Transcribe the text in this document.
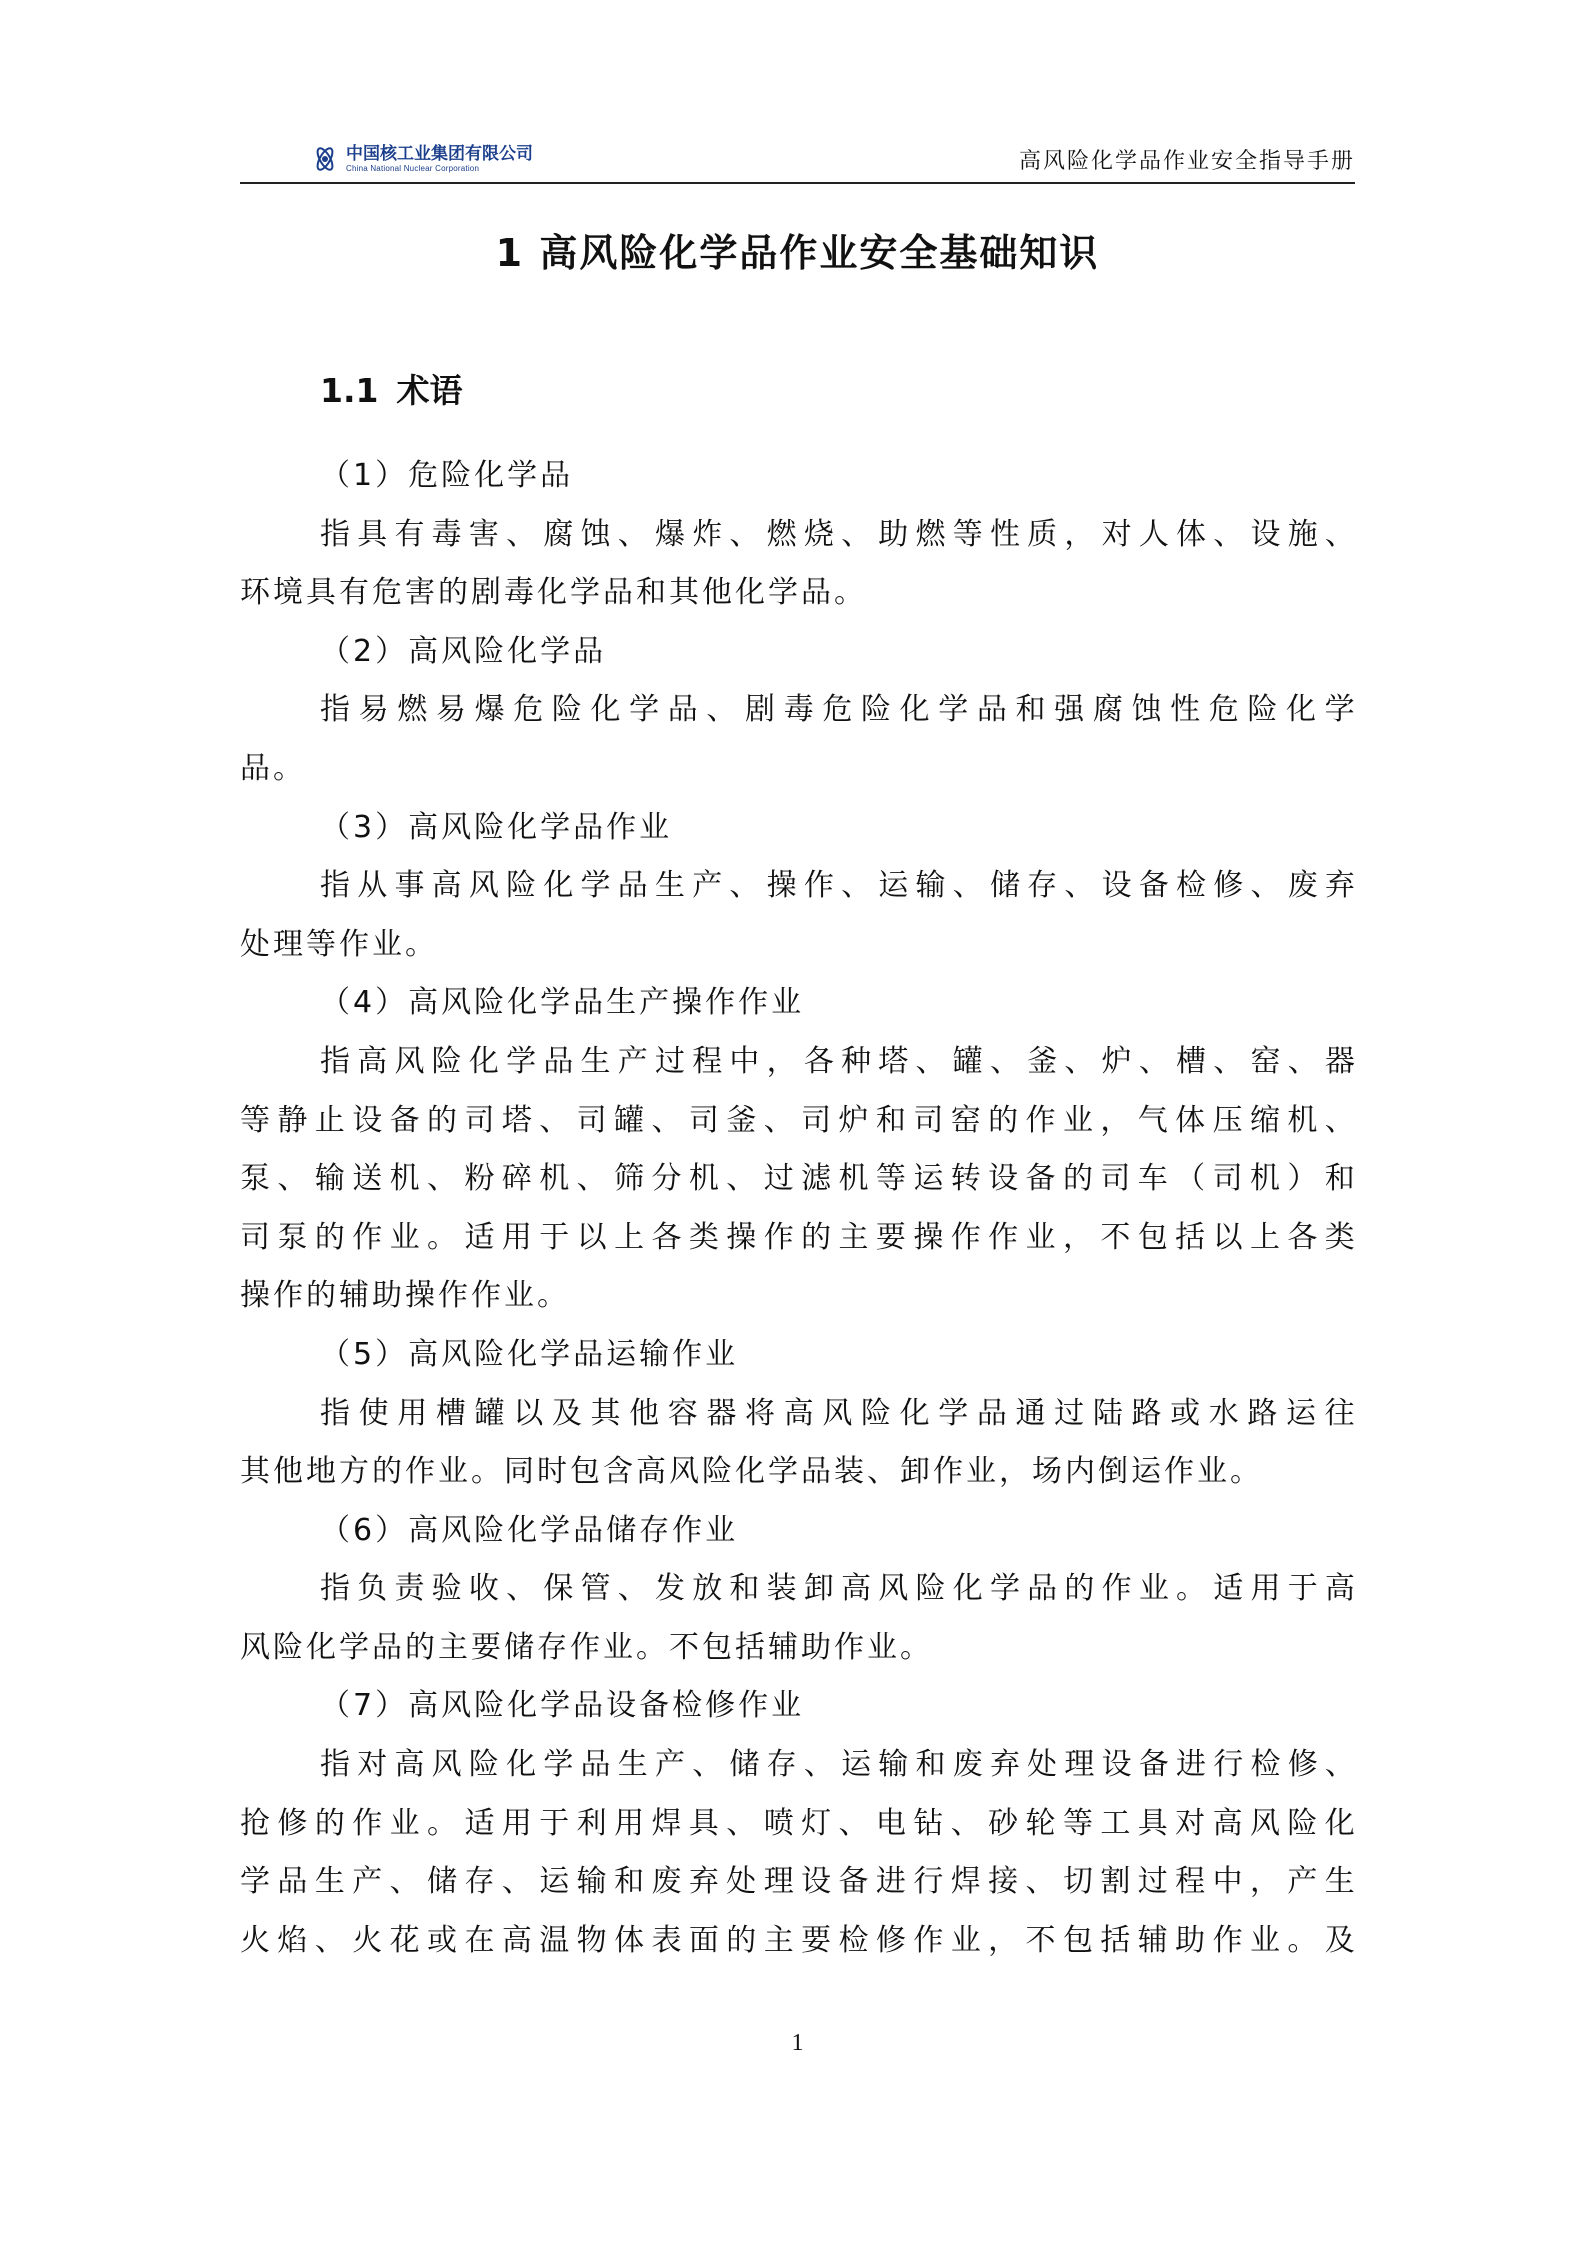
中国核工业集团有限公司
China National Nuclear Corporation	高风险化学品作业安全指导手册
1 高风险化学品作业安全基础知识
1.1 术语
（1）危险化学品
指 具 有 毒 害 、 腐 蚀 、 爆 炸 、 燃 烧 、 助 燃 等 性 质 ， 对 人 体 、 设 施 、
环境具有危害的剧毒化学品和其他化学品。
（2）高风险化学品
指 易 燃 易 爆 危 险 化 学 品 、 剧 毒 危 险 化 学 品 和 强 腐 蚀 性 危 险 化 学
品。
（3）高风险化学品作业
指 从 事 高 风 险 化 学 品 生 产 、 操 作 、 运 输 、 储 存 、 设 备 检 修 、 废 弃
处理等作业。
（4）高风险化学品生产操作作业
指 高 风 险 化 学 品 生 产 过 程 中 ， 各 种 塔 、 罐 、 釜 、 炉 、 槽 、 窑 、 器
等 静 止 设 备 的 司 塔 、 司 罐 、 司 釜 、 司 炉 和 司 窑 的 作 业 ， 气 体 压 缩 机 、
泵 、 输 送 机 、 粉 碎 机 、 筛 分 机 、 过 滤 机 等 运 转 设 备 的 司 车 （ 司 机 ） 和
司 泵 的 作 业 。 适 用 于 以 上 各 类 操 作 的 主 要 操 作 作 业 ， 不 包 括 以 上 各 类
操作的辅助操作作业。
（5）高风险化学品运输作业
指 使 用 槽 罐 以 及 其 他 容 器 将 高 风 险 化 学 品 通 过 陆 路 或 水 路 运 往
其他地方的作业。同时包含高风险化学品装、卸作业，场内倒运作业。
（6）高风险化学品储存作业
指 负 责 验 收 、 保 管 、 发 放 和 装 卸 高 风 险 化 学 品 的 作 业 。 适 用 于 高
风险化学品的主要储存作业。不包括辅助作业。
（7）高风险化学品设备检修作业
指 对 高 风 险 化 学 品 生 产 、 储 存 、 运 输 和 废 弃 处 理 设 备 进 行 检 修 、
抢 修 的 作 业 。 适 用 于 利 用 焊 具 、 喷 灯 、 电 钻 、 砂 轮 等 工 具 对 高 风 险 化
学 品 生 产 、 储 存 、 运 输 和 废 弃 处 理 设 备 进 行 焊 接 、 切 割 过 程 中 ， 产 生
火 焰 、 火 花 或 在 高 温 物 体 表 面 的 主 要 检 修 作 业 ， 不 包 括 辅 助 作 业 。 及
1
